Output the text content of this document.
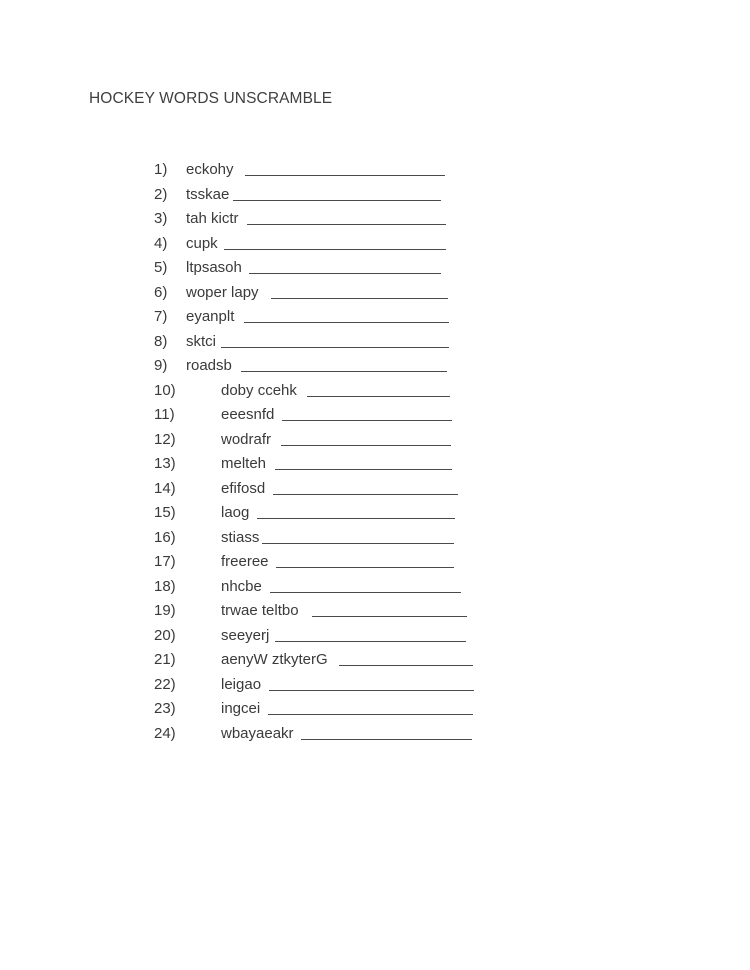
HOCKEY WORDS UNSCRAMBLE
1) eckohy
2) tsskae
3) tah kictr
4) cupk
5) ltpsasoh
6) woper lapy
7) eyanplt
8) sktci
9) roadsb
10)	doby ccehk
11)	eeesnfd
12)	wodrafr
13)	melteh
14)	efifosd
15)	laog
16)	stiass
17)	freeree
18)	nhcbe
19)	trwae teltbo
20)	seeyerj
21)	aenyW ztkyterG
22)	leigao
23)	ingcei
24)	wbayaeakr
